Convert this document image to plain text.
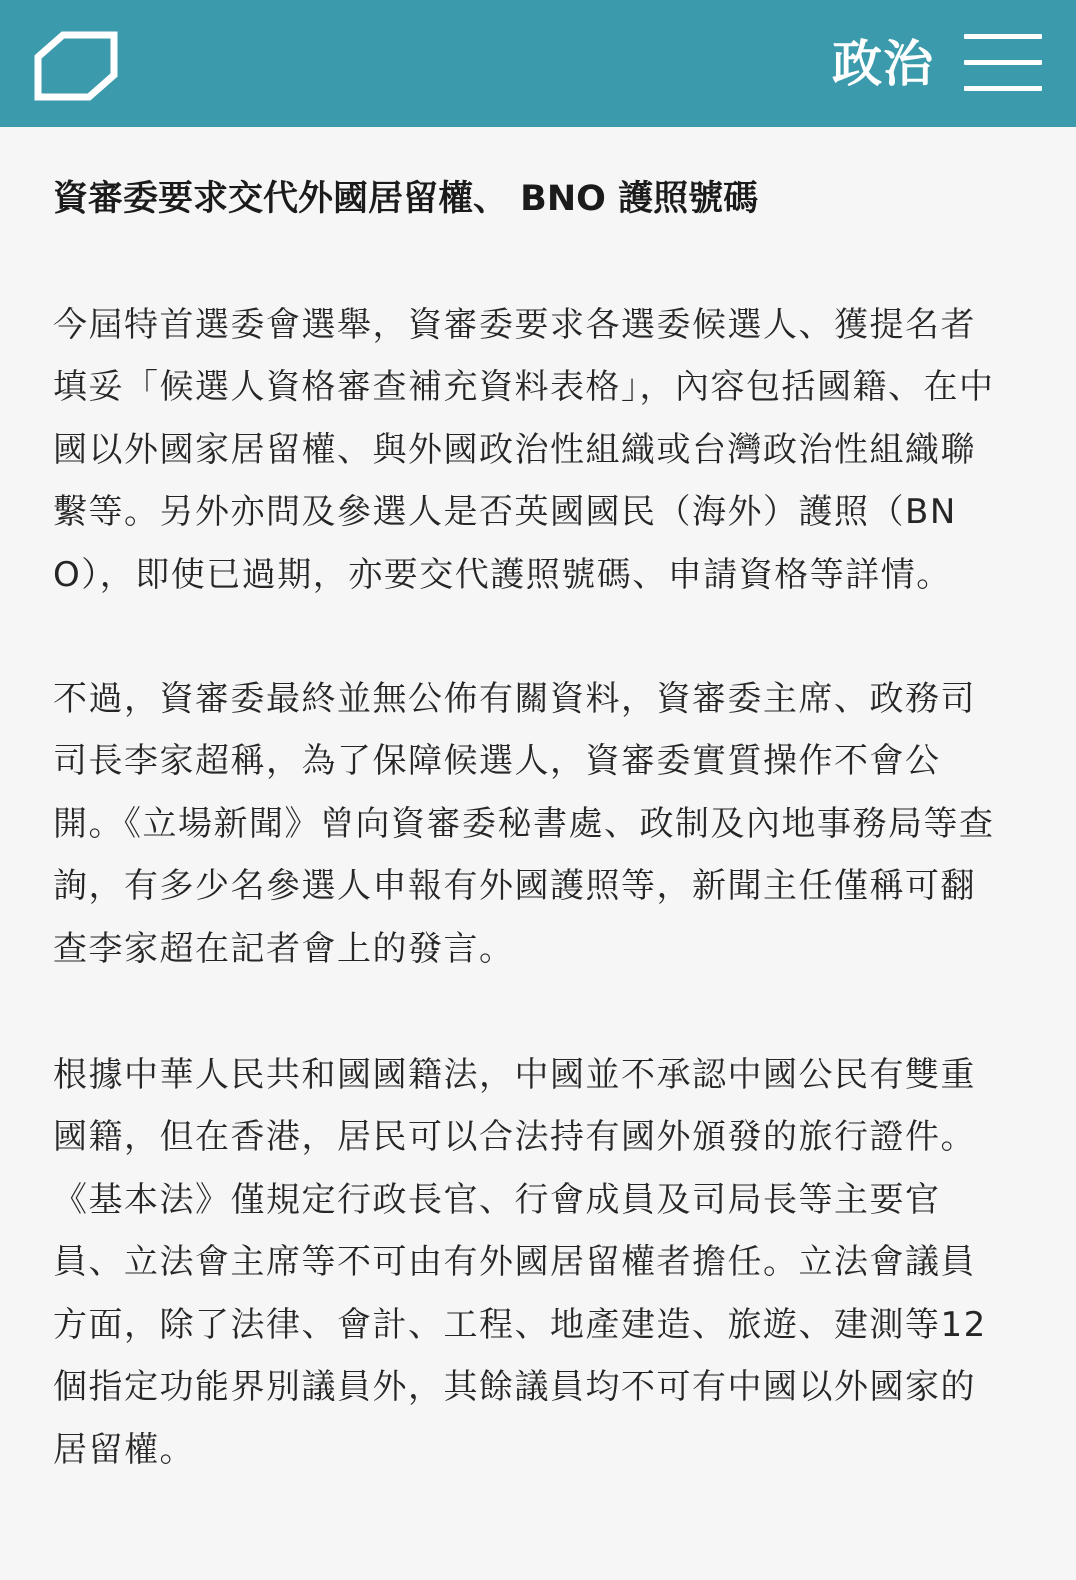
政治
資審委要求交代外國居留權、 BNO 護照號碼

今屆特首選委會選舉，資審委要求各選委候選人、獲提名者填妥「候選人資格審查補充資料表格」，內容包括國籍、在中國以外國家居留權、與外國政治性組織或台灣政治性組織聯繫等。另外亦問及參選人是否英國國民（海外）護照（BNO），即使已過期，亦要交代護照號碼、申請資格等詳情。

不過，資審委最終並無公佈有關資料，資審委主席、政務司司長李家超稱，為了保障候選人，資審委實質操作不會公開。《立場新聞》曾向資審委秘書處、政制及內地事務局等查詢，有多少名參選人申報有外國護照等，新聞主任僅稱可翻查李家超在記者會上的發言。

根據中華人民共和國國籍法，中國並不承認中國公民有雙重國籍，但在香港，居民可以合法持有國外頒發的旅行證件。《基本法》僅規定行政長官、行會成員及司局長等主要官員、立法會主席等不可由有外國居留權者擔任。立法會議員方面，除了法律、會計、工程、地產建造、旅遊、建測等12 個指定功能界別議員外，其餘議員均不可有中國以外國家的居留權。
